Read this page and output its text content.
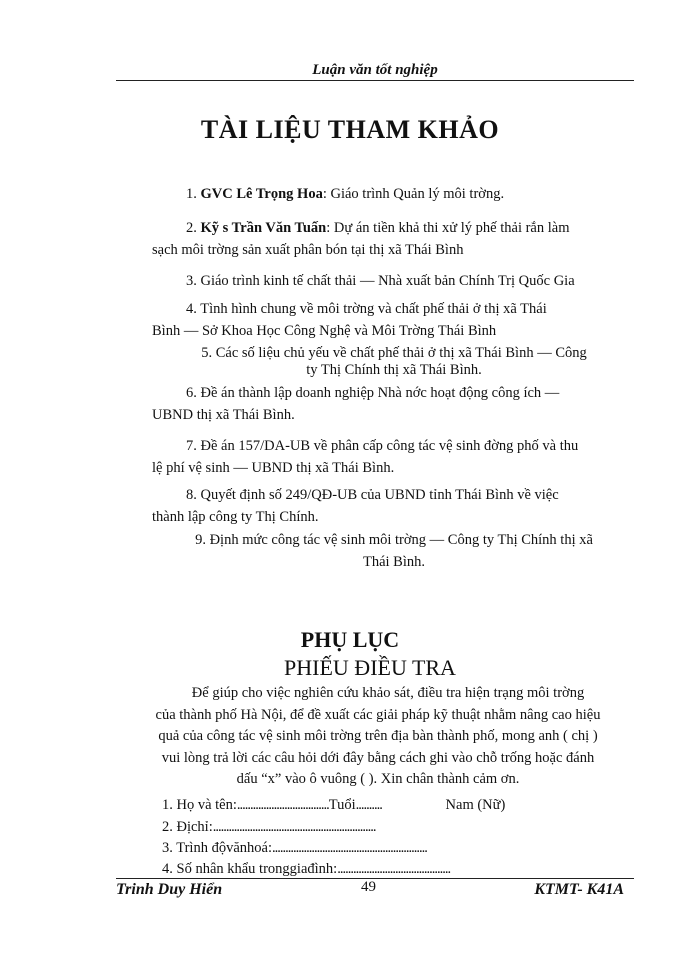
Luận văn tốt nghiệp
TÀI LIỆU THAM KHẢO
1. GVC Lê Trọng Hoa: Giáo trình Quản lý môi trờng.
2. Kỹ s Trần Văn Tuấn: Dự án tiền khả thi xử lý phế thải rắn làm
sạch môi trờng sản xuất phân bón tại thị xã Thái Bình
3. Giáo trình kinh tế chất thải — Nhà xuất bản Chính Trị Quốc Gia
4. Tình hình chung về môi trờng và chất phế thải ở thị xã Thái
Bình — Sở Khoa Học Công Nghệ và Môi Trờng Thái Bình
5. Các số liệu chủ yếu về chất phế thải ở thị xã Thái Bình — Công
ty Thị Chính thị xã Thái Bình.
6. Đề án thành lập doanh nghiệp Nhà nớc hoạt động công ích —
UBND thị xã Thái Bình.
7. Đề án 157/DA-UB về phân cấp công tác vệ sinh đờng phố và thu
lệ phí vệ sinh — UBND thị xã Thái Bình.
8. Quyết định số 249/QĐ-UB của UBND tỉnh Thái Bình về việc
thành lập công ty Thị Chính.
9. Định mức công tác vệ sinh môi trờng — Công ty Thị Chính thị xã
Thái Bình.
PHỤ LỤC
PHIẾU ĐIỀU TRA
Để giúp cho việc nghiên cứu khảo sát, điều tra hiện trạng môi trờng
của thành phố Hà Nội, để đề xuất các giải pháp kỹ thuật nhằm nâng cao hiệu
quả của công tác vệ sinh môi trờng trên địa bàn thành phố, mong anh ( chị )
vui lòng trả lời các câu hỏi dới đây bằng cách ghi vào chỗ trống hoặc đánh
dấu “x” vào ô vuông ( ). Xin chân thành cảm ơn.
1. Họ và tên:...................................Tuổi..........	Nam (Nữ)
2. Địchỉ:..............................................................
3. Trình độvănhoá:...........................................................
4. Số nhân khẩu tronggiađình:...........................................
Trinh Duy Hiển	49	KTMT- K41A
